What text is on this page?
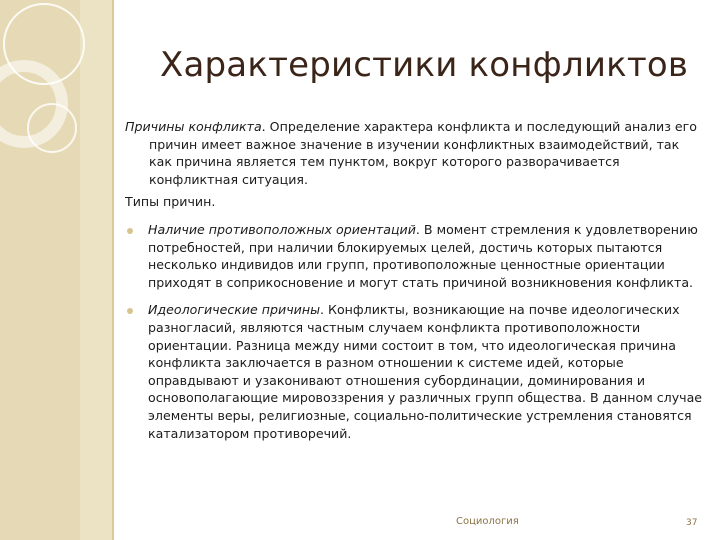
Характеристики конфликтов

Причины конфликта. Определение характера конфликта и последующий анализ его причин имеет важное значение в изучении конфликтных взаимодействий, так как причина является тем пунктом, вокруг которого разворачивается конфликтная ситуация.

Типы причин.

Наличие противоположных ориентаций. В момент стремления к удовлетворению потребностей, при наличии блокируемых целей, достичь которых пытаются несколько индивидов или групп, противоположные ценностные ориентации приходят в соприкосновение и могут стать причиной возникновения конфликта.
Идеологические причины. Конфликты, возникающие на почве идеологических разногласий, являются частным случаем конфликта противоположности ориентации. Разница между ними состоит в том, что идеологическая причина конфликта заключается в разном отношении к системе идей, которые оправдывают и узаконивают отношения субординации, доминирования и основополагающие мировоззрения у различных групп общества. В данном случае элементы веры, религиозные, социально-политические устремления становятся катализатором противоречий.
Социология	37
